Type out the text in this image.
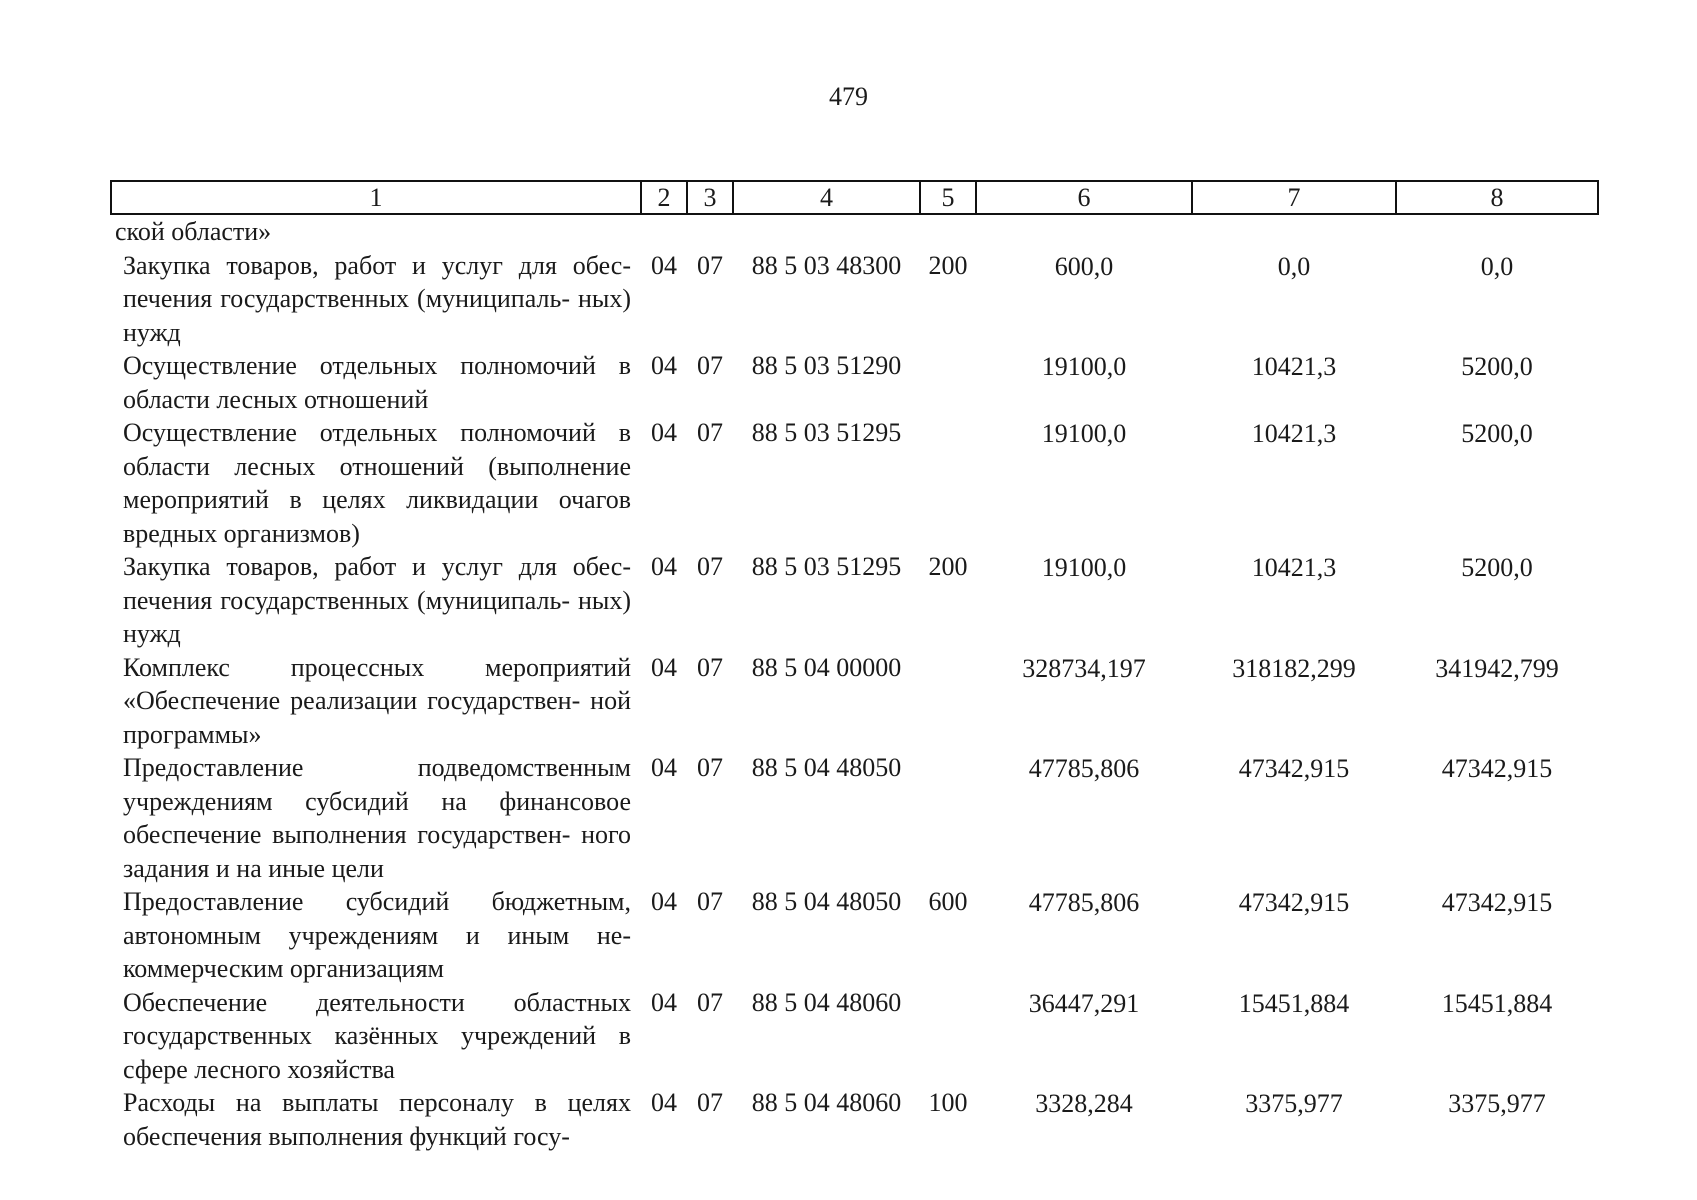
479
1	2	3	4	5	6	7	8
ской области»							
Закупка товаров, работ и услуг для обес- печения государственных (муниципаль- ных) нужд	04	07	88 5 03 48300	200	600,0	0,0	0,0
Осуществление отдельных полномочий в области лесных отношений	04	07	88 5 03 51290		19100,0	10421,3	5200,0
Осуществление отдельных полномочий в области лесных отношений (выполнение мероприятий в целях ликвидации очагов вредных организмов)	04	07	88 5 03 51295		19100,0	10421,3	5200,0
Закупка товаров, работ и услуг для обес- печения государственных (муниципаль- ных) нужд	04	07	88 5 03 51295	200	19100,0	10421,3	5200,0
Комплекс процессных мероприятий «Обеспечение реализации государствен- ной программы»	04	07	88 5 04 00000		328734,197	318182,299	341942,799
Предоставление подведомственным учреждениям субсидий на финансовое обеспечение выполнения государствен- ного задания и на иные цели	04	07	88 5 04 48050		47785,806	47342,915	47342,915
Предоставление субсидий бюджетным, автономным учреждениям и иным не- коммерческим организациям	04	07	88 5 04 48050	600	47785,806	47342,915	47342,915
Обеспечение деятельности областных государственных казённых учреждений в сфере лесного хозяйства	04	07	88 5 04 48060		36447,291	15451,884	15451,884
Расходы на выплаты персоналу в целях обеспечения выполнения функций госу-	04	07	88 5 04 48060	100	3328,284	3375,977	3375,977
